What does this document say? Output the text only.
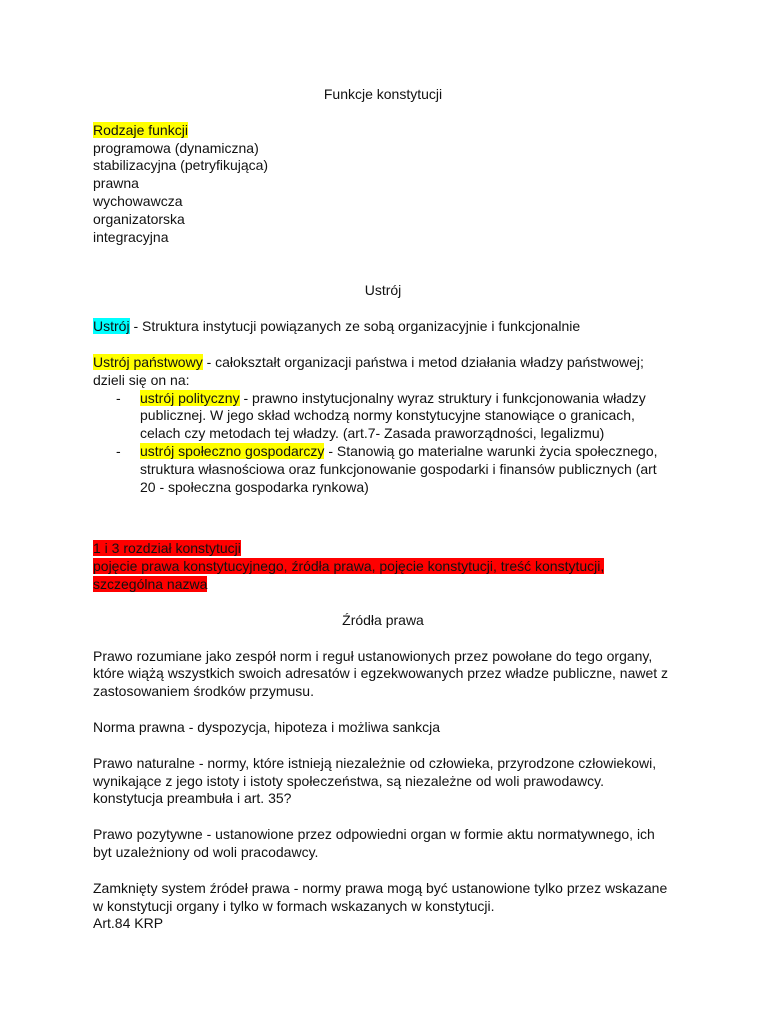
Funkcje konstytucji
Rodzaje funkcji
programowa (dynamiczna)
stabilizacyjna (petryfikująca)
prawna
wychowawcza
organizatorska
integracyjna
Ustrój
Ustrój - Struktura instytucji powiązanych ze sobą organizacyjnie i funkcjonalnie
Ustrój państwowy - całokształt organizacji państwa i metod działania władzy państwowej; dzieli się on na:
- ustrój polityczny - prawno instytucjonalny wyraz struktury i funkcjonowania władzy publicznej. W jego skład wchodzą normy konstytucyjne stanowiące o granicach, celach czy metodach tej władzy. (art.7- Zasada praworządności, legalizmu)
- ustrój społeczno gospodarczy - Stanowią go materialne warunki życia społecznego, struktura własnościowa oraz funkcjonowanie gospodarki i finansów publicznych (art 20 - społeczna gospodarka rynkowa)
1 i 3 rozdział konstytucji
pojęcie prawa konstytucyjnego, źródła prawa, pojęcie konstytucji, treść konstytucji,
szczególna nazwa
Źródła prawa
Prawo rozumiane jako zespół norm i reguł ustanowionych przez powołane do tego organy, które wiążą wszystkich swoich adresatów i egzekwowanych przez władze publiczne, nawet z zastosowaniem środków przymusu.
Norma prawna - dyspozycja, hipoteza i możliwa sankcja
Prawo naturalne - normy, które istnieją niezależnie od człowieka, przyrodzone człowiekowi, wynikające z jego istoty i istoty społeczeństwa, są niezależne od woli prawodawcy. konstytucja preambuła i art. 35?
Prawo pozytywne - ustanowione przez odpowiedni organ w formie aktu normatywnego, ich byt uzależniony od woli pracodawcy.
Zamknięty system źródeł prawa - normy prawa mogą być ustanowione tylko przez wskazane w konstytucji organy i tylko w formach wskazanych w konstytucji.
Art.84 KRP
